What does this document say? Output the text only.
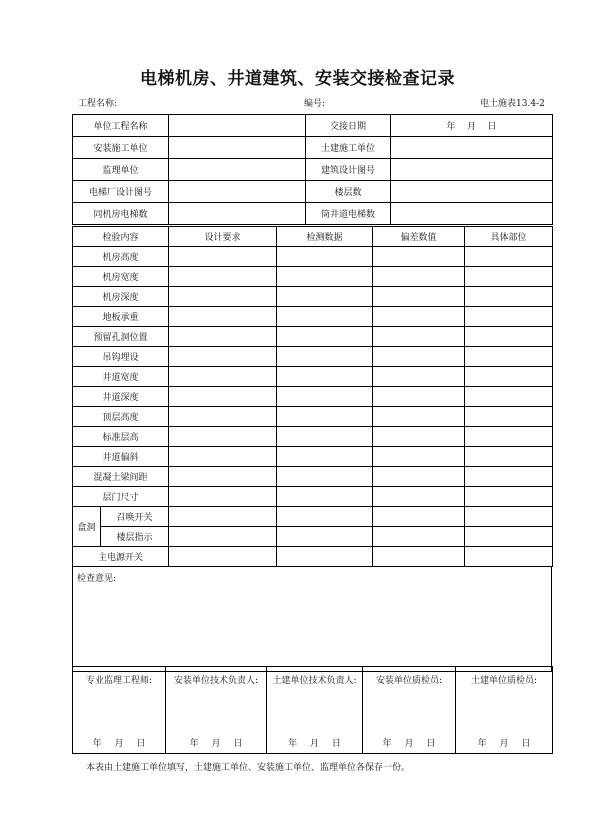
电梯机房、井道建筑、安装交接检查记录
工程名称:	编号:	电土施表13.4-2
单位工程名称		交接日期	年    月    日
安装施工单位		土建施工单位	
监理单位		建筑设计图号	
电梯厂设计图号		楼层数	
同机房电梯数		筒井道电梯数	
检验内容		设计要求	检测数据	偏差数值	具体部位
机房高度					
机房宽度					
机房深度					
地板承重					
预留孔洞位置					
吊钩埋设					
井道宽度					
井道深度					
顶层高度					
标准层高					
井道偏斜					
混凝土梁间距					
层门尺寸					
盒洞	召唤开关				
	楼层指示				
主电源开关					
检查意见:
专业监理工程师:
年 月 日

安装单位技术负责人:
年 月 日

土建单位技术负责人:
年 月 日

安装单位质检员:
年 月 日

土建单位质检员:
年 月 日
本表由土建施工单位填写，土建施工单位、安装施工单位、监理单位各保存一份。
